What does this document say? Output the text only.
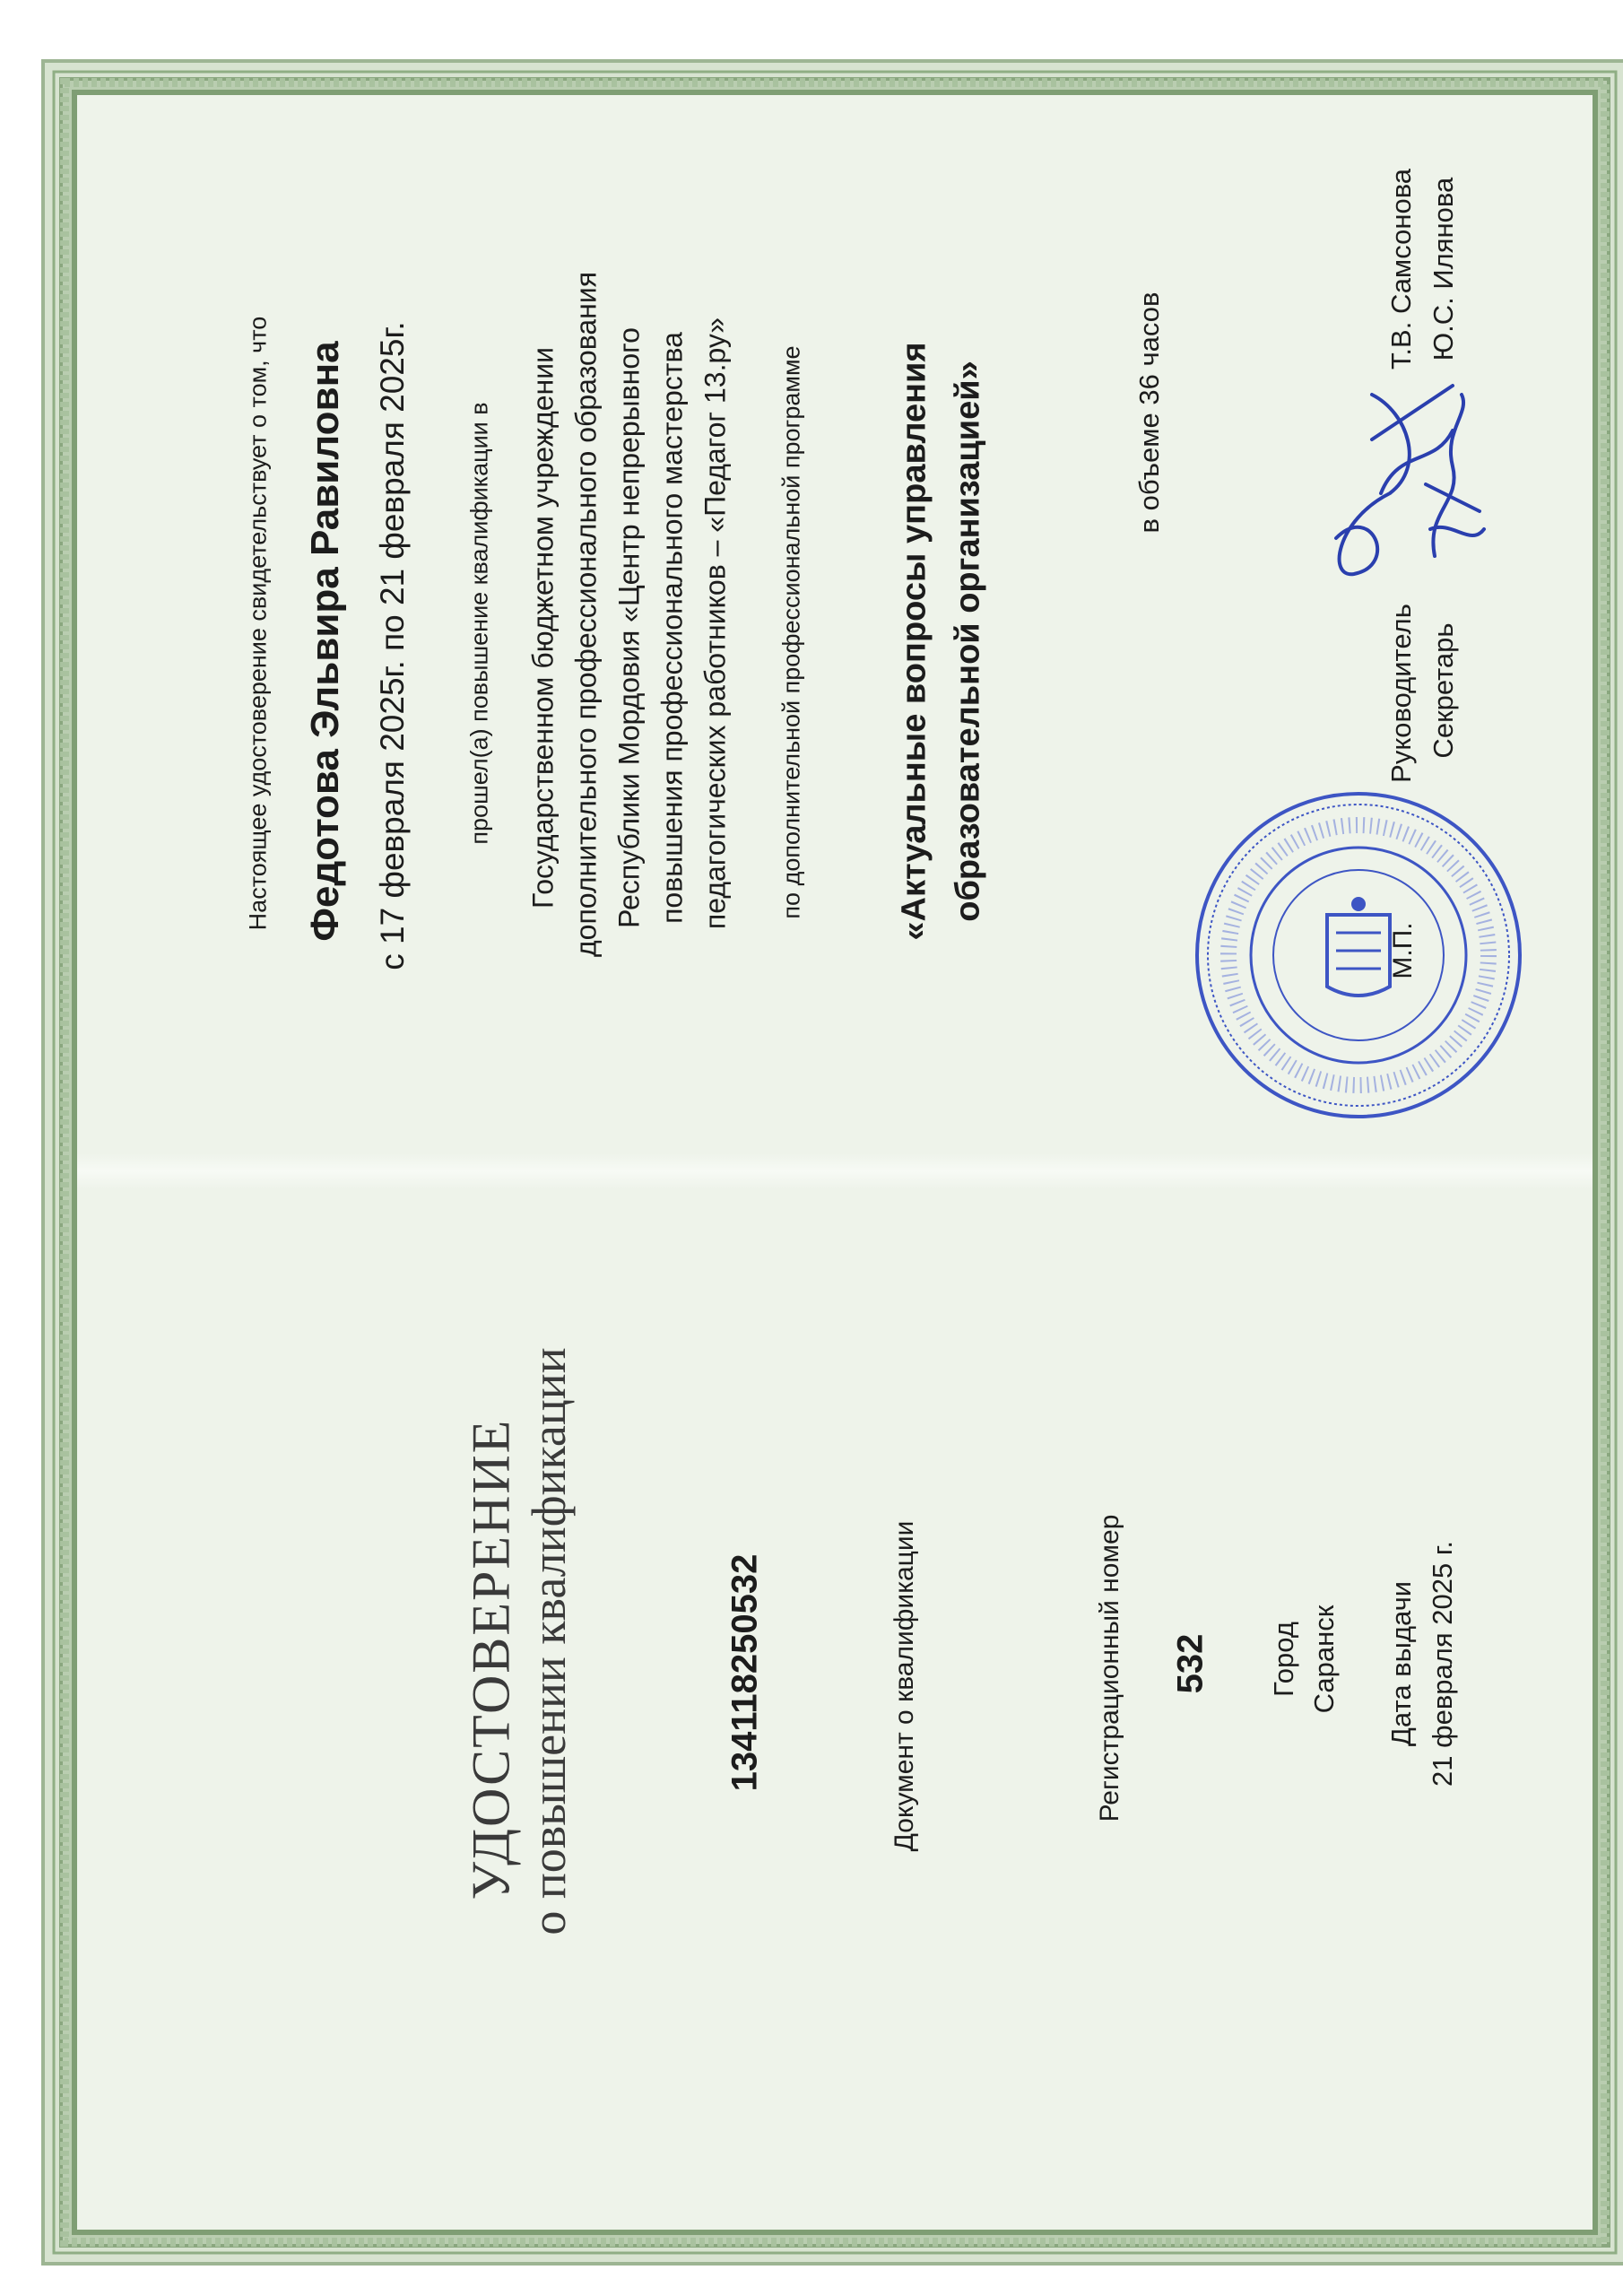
УДОСТОВЕРЕНИЕ о повышении квалификации	134118250532	Документ о квалификации	Регистрационный номер 532 Город Саранск Дата выдачи 21 февраля 2025 г.
Настоящее удостоверение свидетельствует о том, что Федотова Эльвира Равиловна с 17 февраля 2025г. по 21 февраля 2025г. прошел(а) повышение квалификации в Государственном бюджетном учреждении дополнительного профессионального образования Республики Мордовия «Центр непрерывного повышения профессионального мастерства педагогических работников – «Педагог 13.ру» по дополнительной профессиональной программе	«Актуальные вопросы управления образовательной организацией»	в объеме 36 часов
Руководитель Секретарь
Т.В. Самсонова Ю.С. Илянова
М.П.
